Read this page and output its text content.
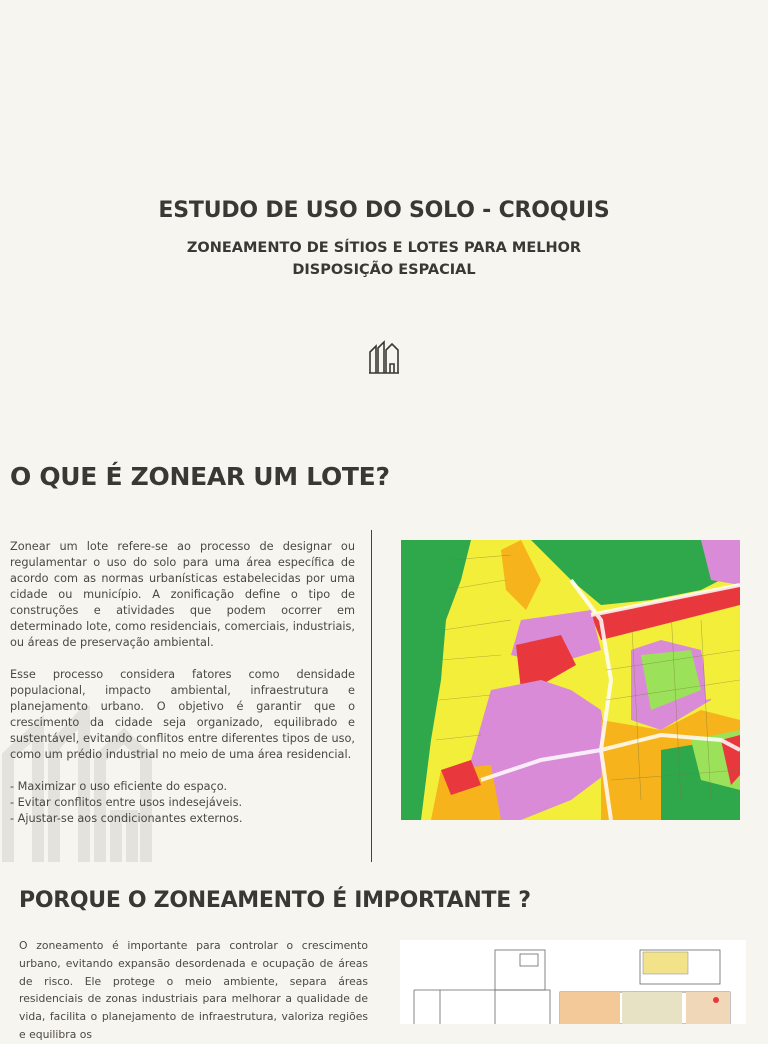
ESTUDO DE USO DO SOLO - CROQUIS
ZONEAMENTO DE SÍTIOS E LOTES PARA MELHOR DISPOSIÇÃO ESPACIAL
O QUE É ZONEAR UM LOTE?
Zonear um lote refere-se ao processo de designar ou regulamentar o uso do solo para uma área específica de acordo com as normas urbanísticas estabelecidas por uma cidade ou município. A zonificação define o tipo de construções e atividades que podem ocorrer em determinado lote, como residenciais, comerciais, industriais, ou áreas de preservação ambiental.
Esse processo considera fatores como densidade populacional, impacto ambiental, infraestrutura e planejamento urbano. O objetivo é garantir que o crescimento da cidade seja organizado, equilibrado e sustentável, evitando conflitos entre diferentes tipos de uso, como um prédio industrial no meio de uma área residencial.
- Maximizar o uso eficiente do espaço.
- Evitar conflitos entre usos indesejáveis.
- Ajustar-se aos condicionantes externos.
PORQUE O ZONEAMENTO É IMPORTANTE ?
O zoneamento é importante para controlar o crescimento urbano, evitando expansão desordenada e ocupação de áreas de risco. Ele protege o meio ambiente, separa áreas residenciais de zonas industriais para melhorar a qualidade de vida, facilita o planejamento de infraestrutura, valoriza regiões e equilibra os
